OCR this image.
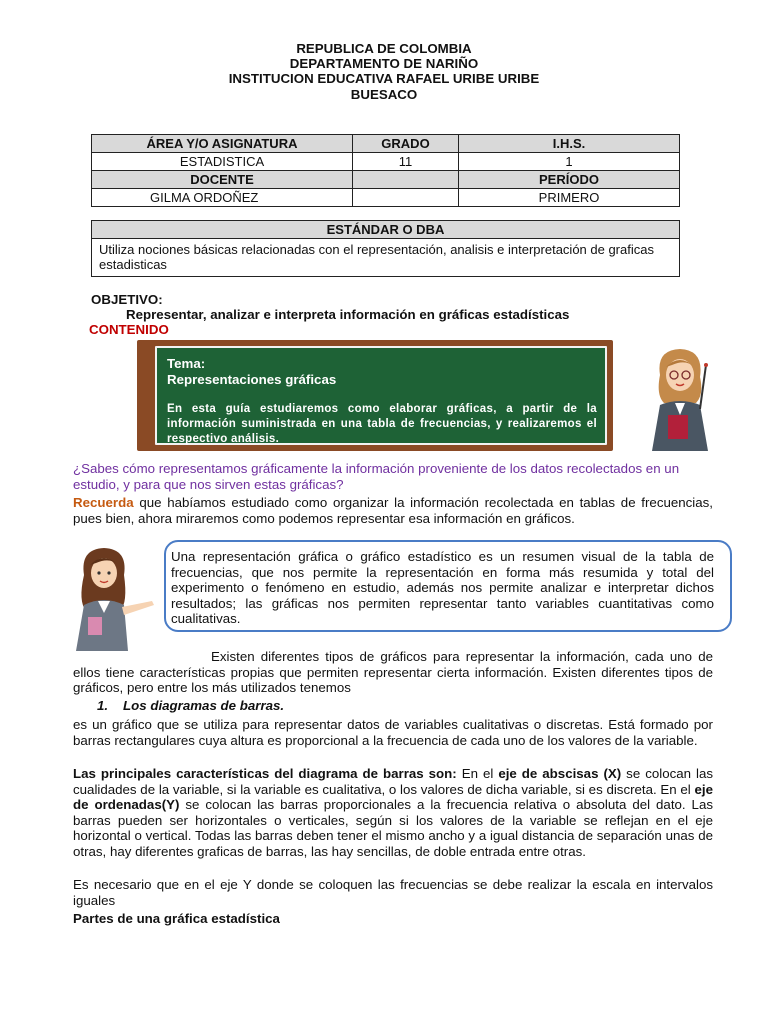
REPUBLICA DE COLOMBIA
DEPARTAMENTO DE NARIÑO
INSTITUCION EDUCATIVA RAFAEL URIBE URIBE
BUESACO
ÁREA Y/O ASIGNATURA	GRADO	I.H.S.
ESTADISTICA	11	1
DOCENTE		PERÍODO
GILMA ORDOÑEZ		PRIMERO
ESTÁNDAR O DBA
Utiliza nociones básicas relacionadas con el representación, analisis e interpretación de graficas estadisticas
OBJETIVO:
Representar, analizar e interpreta información en gráficas estadísticas
CONTENIDO
Tema:
Representaciones gráficas
En esta guía estudiaremos como elaborar gráficas, a partir de la información suministrada en una tabla de frecuencias, y realizaremos el respectivo análisis.
¿Sabes cómo representamos gráficamente la información proveniente de los datos recolectados en un estudio, y para que nos sirven estas gráficas?
Recuerda que habíamos estudiado como organizar la información recolectada en tablas de frecuencias, pues bien, ahora miraremos como podemos representar esa información en gráficos.
Una representación gráfica o gráfico estadístico es un resumen visual de la tabla de frecuencias, que nos permite la representación en forma más resumida y total del experimento o fenómeno en estudio, además nos permite analizar e interpretar dichos resultados; las gráficas nos permiten representar tanto variables cuantitativas como cualitativas.
Existen diferentes tipos de gráficos para representar la información, cada uno de ellos tiene características propias que permiten representar cierta información. Existen diferentes tipos de gráficos, pero entre los más utilizados tenemos
1. Los diagramas de barras.
es un gráfico que se utiliza para representar datos de variables cualitativas o discretas. Está formado por barras rectangulares cuya altura es proporcional a la frecuencia de cada uno de los valores de la variable.
Las principales características del diagrama de barras son: En el eje de abscisas (X) se colocan las cualidades de la variable, si la variable es cualitativa, o los valores de dicha variable, si es discreta. En el eje de ordenadas(Y) se colocan las barras proporcionales a la frecuencia relativa o absoluta del dato. Las barras pueden ser horizontales o verticales, según si los valores de la variable se reflejan en el eje horizontal o vertical. Todas las barras deben tener el mismo ancho y a igual distancia de separación unas de otras, hay diferentes graficas de barras, las hay sencillas, de doble entrada entre otras.
Es necesario que en el eje Y donde se coloquen las frecuencias se debe realizar la escala en intervalos iguales
Partes de una gráfica estadística
